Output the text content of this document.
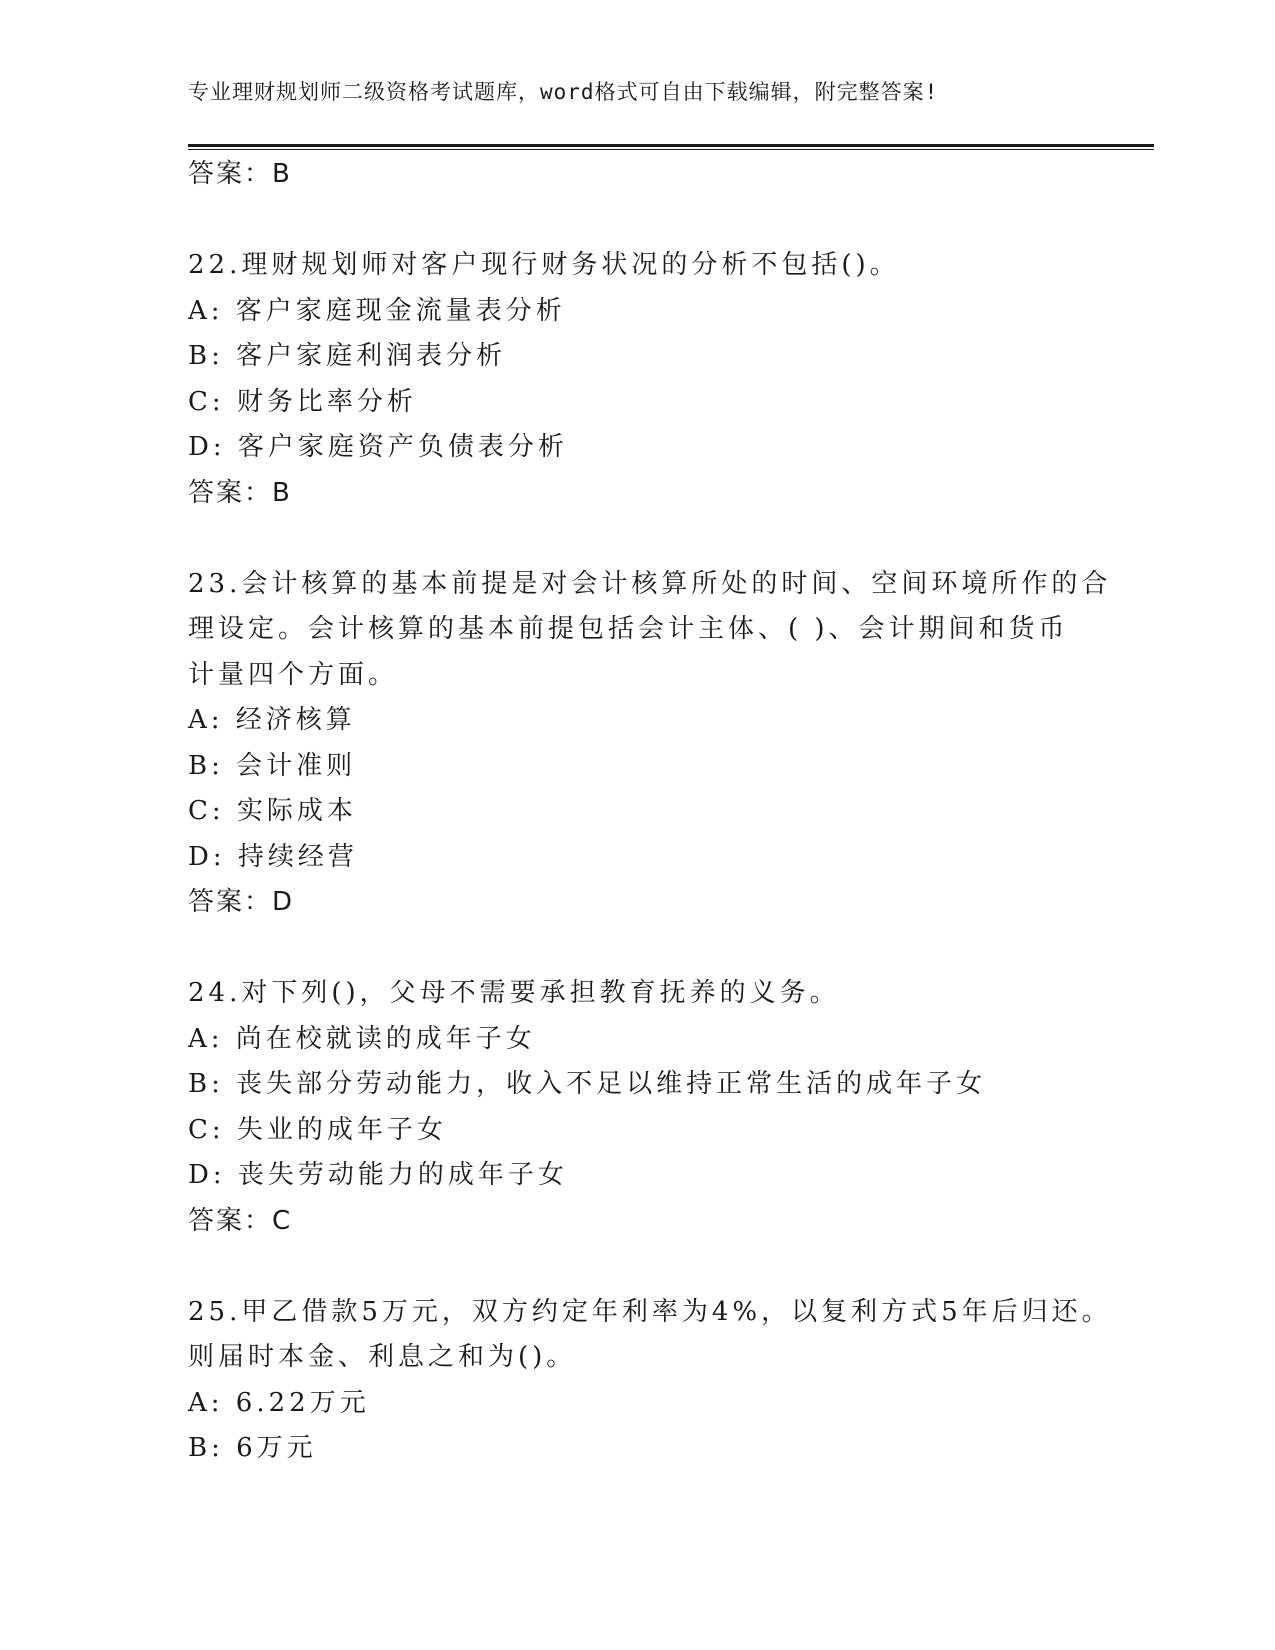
专业理财规划师二级资格考试题库，word格式可自由下载编辑，附完整答案!
答案：B
22.理财规划师对客户现行财务状况的分析不包括()。
A: 客户家庭现金流量表分析
B: 客户家庭利润表分析
C: 财务比率分析
D: 客户家庭资产负债表分析
答案：B
23.会计核算的基本前提是对会计核算所处的时间、空间环境所作的合
理设定。会计核算的基本前提包括会计主体、( )、会计期间和货币
计量四个方面。
A: 经济核算
B: 会计准则
C: 实际成本
D: 持续经营
答案：D
24.对下列()，父母不需要承担教育抚养的义务。
A: 尚在校就读的成年子女
B: 丧失部分劳动能力，收入不足以维持正常生活的成年子女
C: 失业的成年子女
D: 丧失劳动能力的成年子女
答案：C
25.甲乙借款5万元，双方约定年利率为4%，以复利方式5年后归还。
则届时本金、利息之和为()。
A: 6.22万元
B: 6万元
